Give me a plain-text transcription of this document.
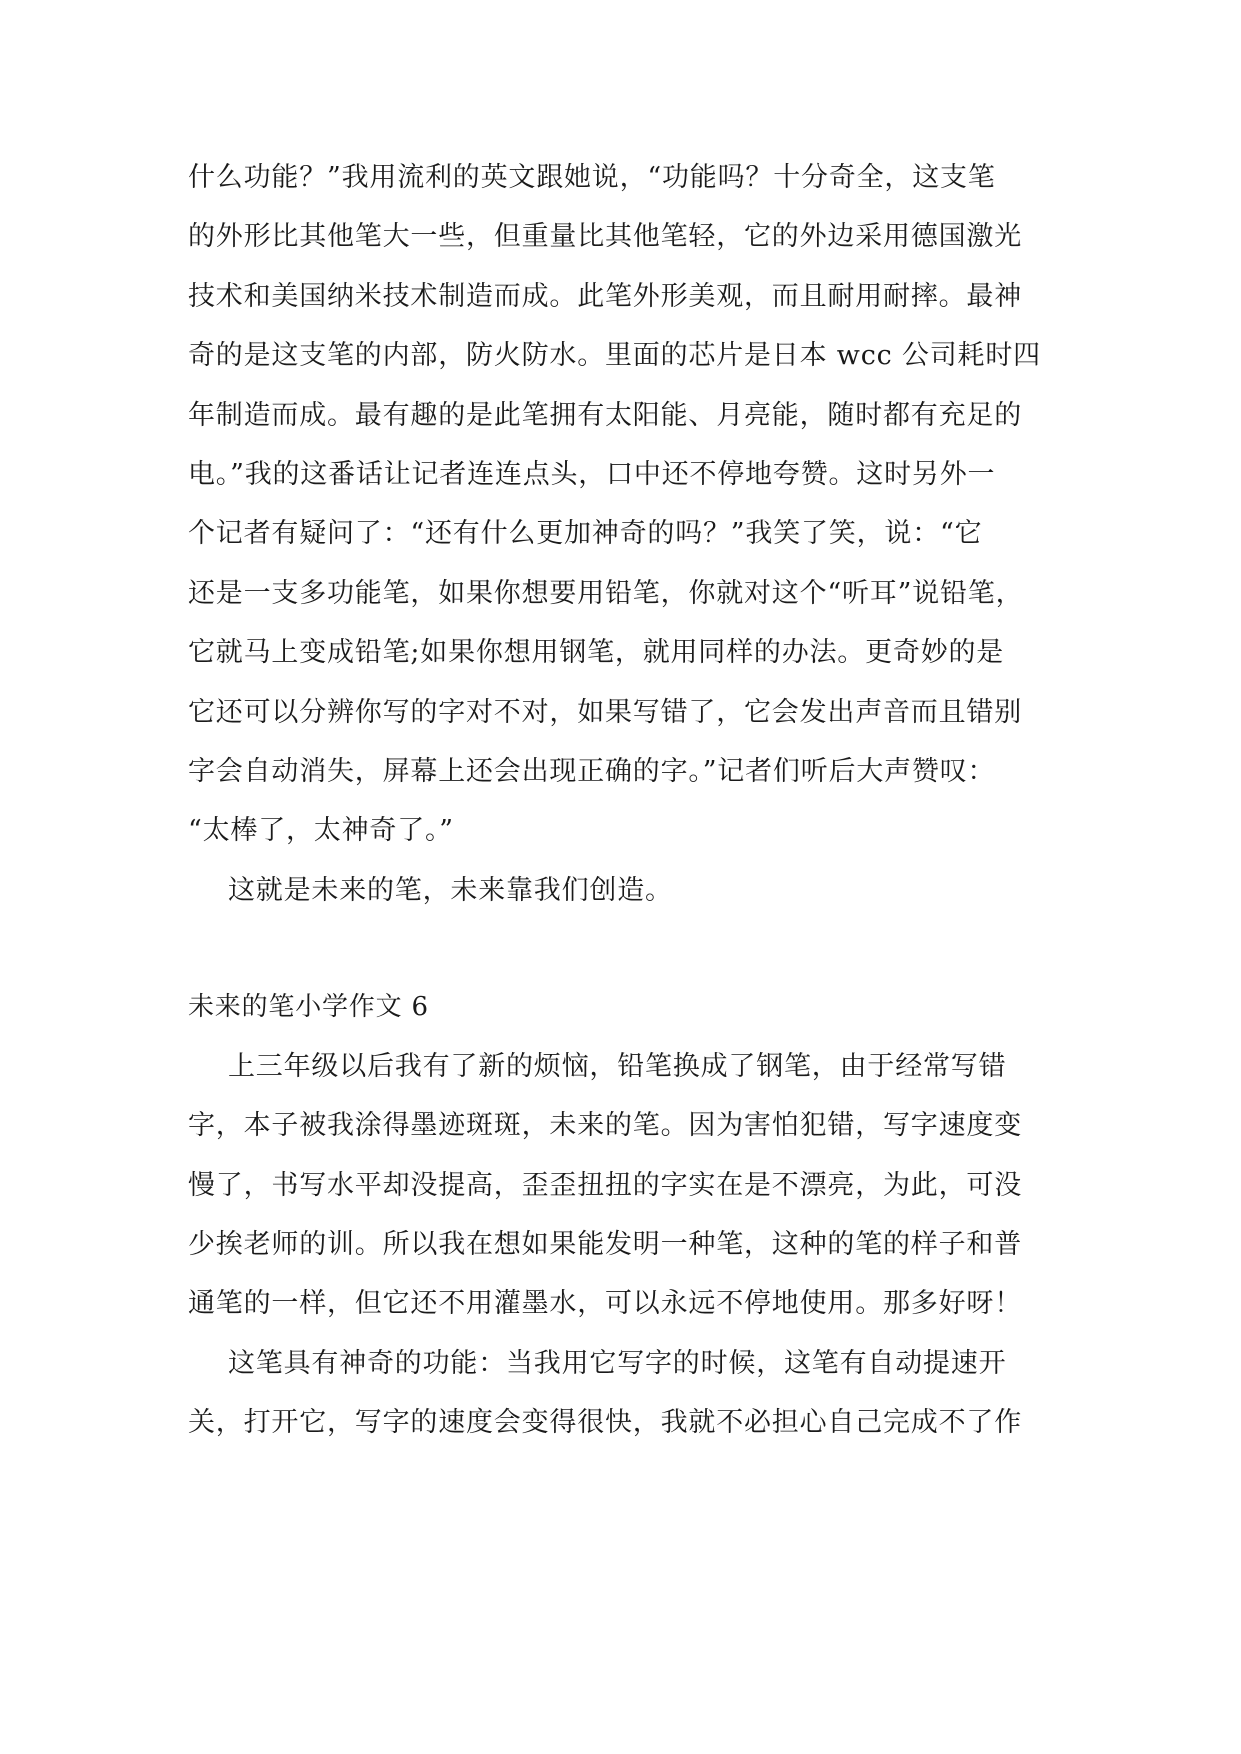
什么功能？”我用流利的英文跟她说，“功能吗？十分奇全，这支笔
的外形比其他笔大一些，但重量比其他笔轻，它的外边采用德国激光
技术和美国纳米技术制造而成。此笔外形美观，而且耐用耐摔。最神
奇的是这支笔的内部，防火防水。里面的芯片是日本 wcc 公司耗时四
年制造而成。最有趣的是此笔拥有太阳能、月亮能，随时都有充足的
电。”我的这番话让记者连连点头，口中还不停地夸赞。这时另外一
个记者有疑问了：“还有什么更加神奇的吗？”我笑了笑，说：“它
还是一支多功能笔，如果你想要用铅笔，你就对这个“听耳”说铅笔，
它就马上变成铅笔;如果你想用钢笔，就用同样的办法。更奇妙的是
它还可以分辨你写的字对不对，如果写错了，它会发出声音而且错别
字会自动消失，屏幕上还会出现正确的字。”记者们听后大声赞叹：
“太棒了，太神奇了。”
这就是未来的笔，未来靠我们创造。
未来的笔小学作文 6
上三年级以后我有了新的烦恼，铅笔换成了钢笔，由于经常写错
字，本子被我涂得墨迹斑斑，未来的笔。因为害怕犯错，写字速度变
慢了，书写水平却没提高，歪歪扭扭的字实在是不漂亮，为此，可没
少挨老师的训。所以我在想如果能发明一种笔，这种的笔的样子和普
通笔的一样，但它还不用灌墨水，可以永远不停地使用。那多好呀！
这笔具有神奇的功能：当我用它写字的时候，这笔有自动提速开
关，打开它，写字的速度会变得很快，我就不必担心自己完成不了作
